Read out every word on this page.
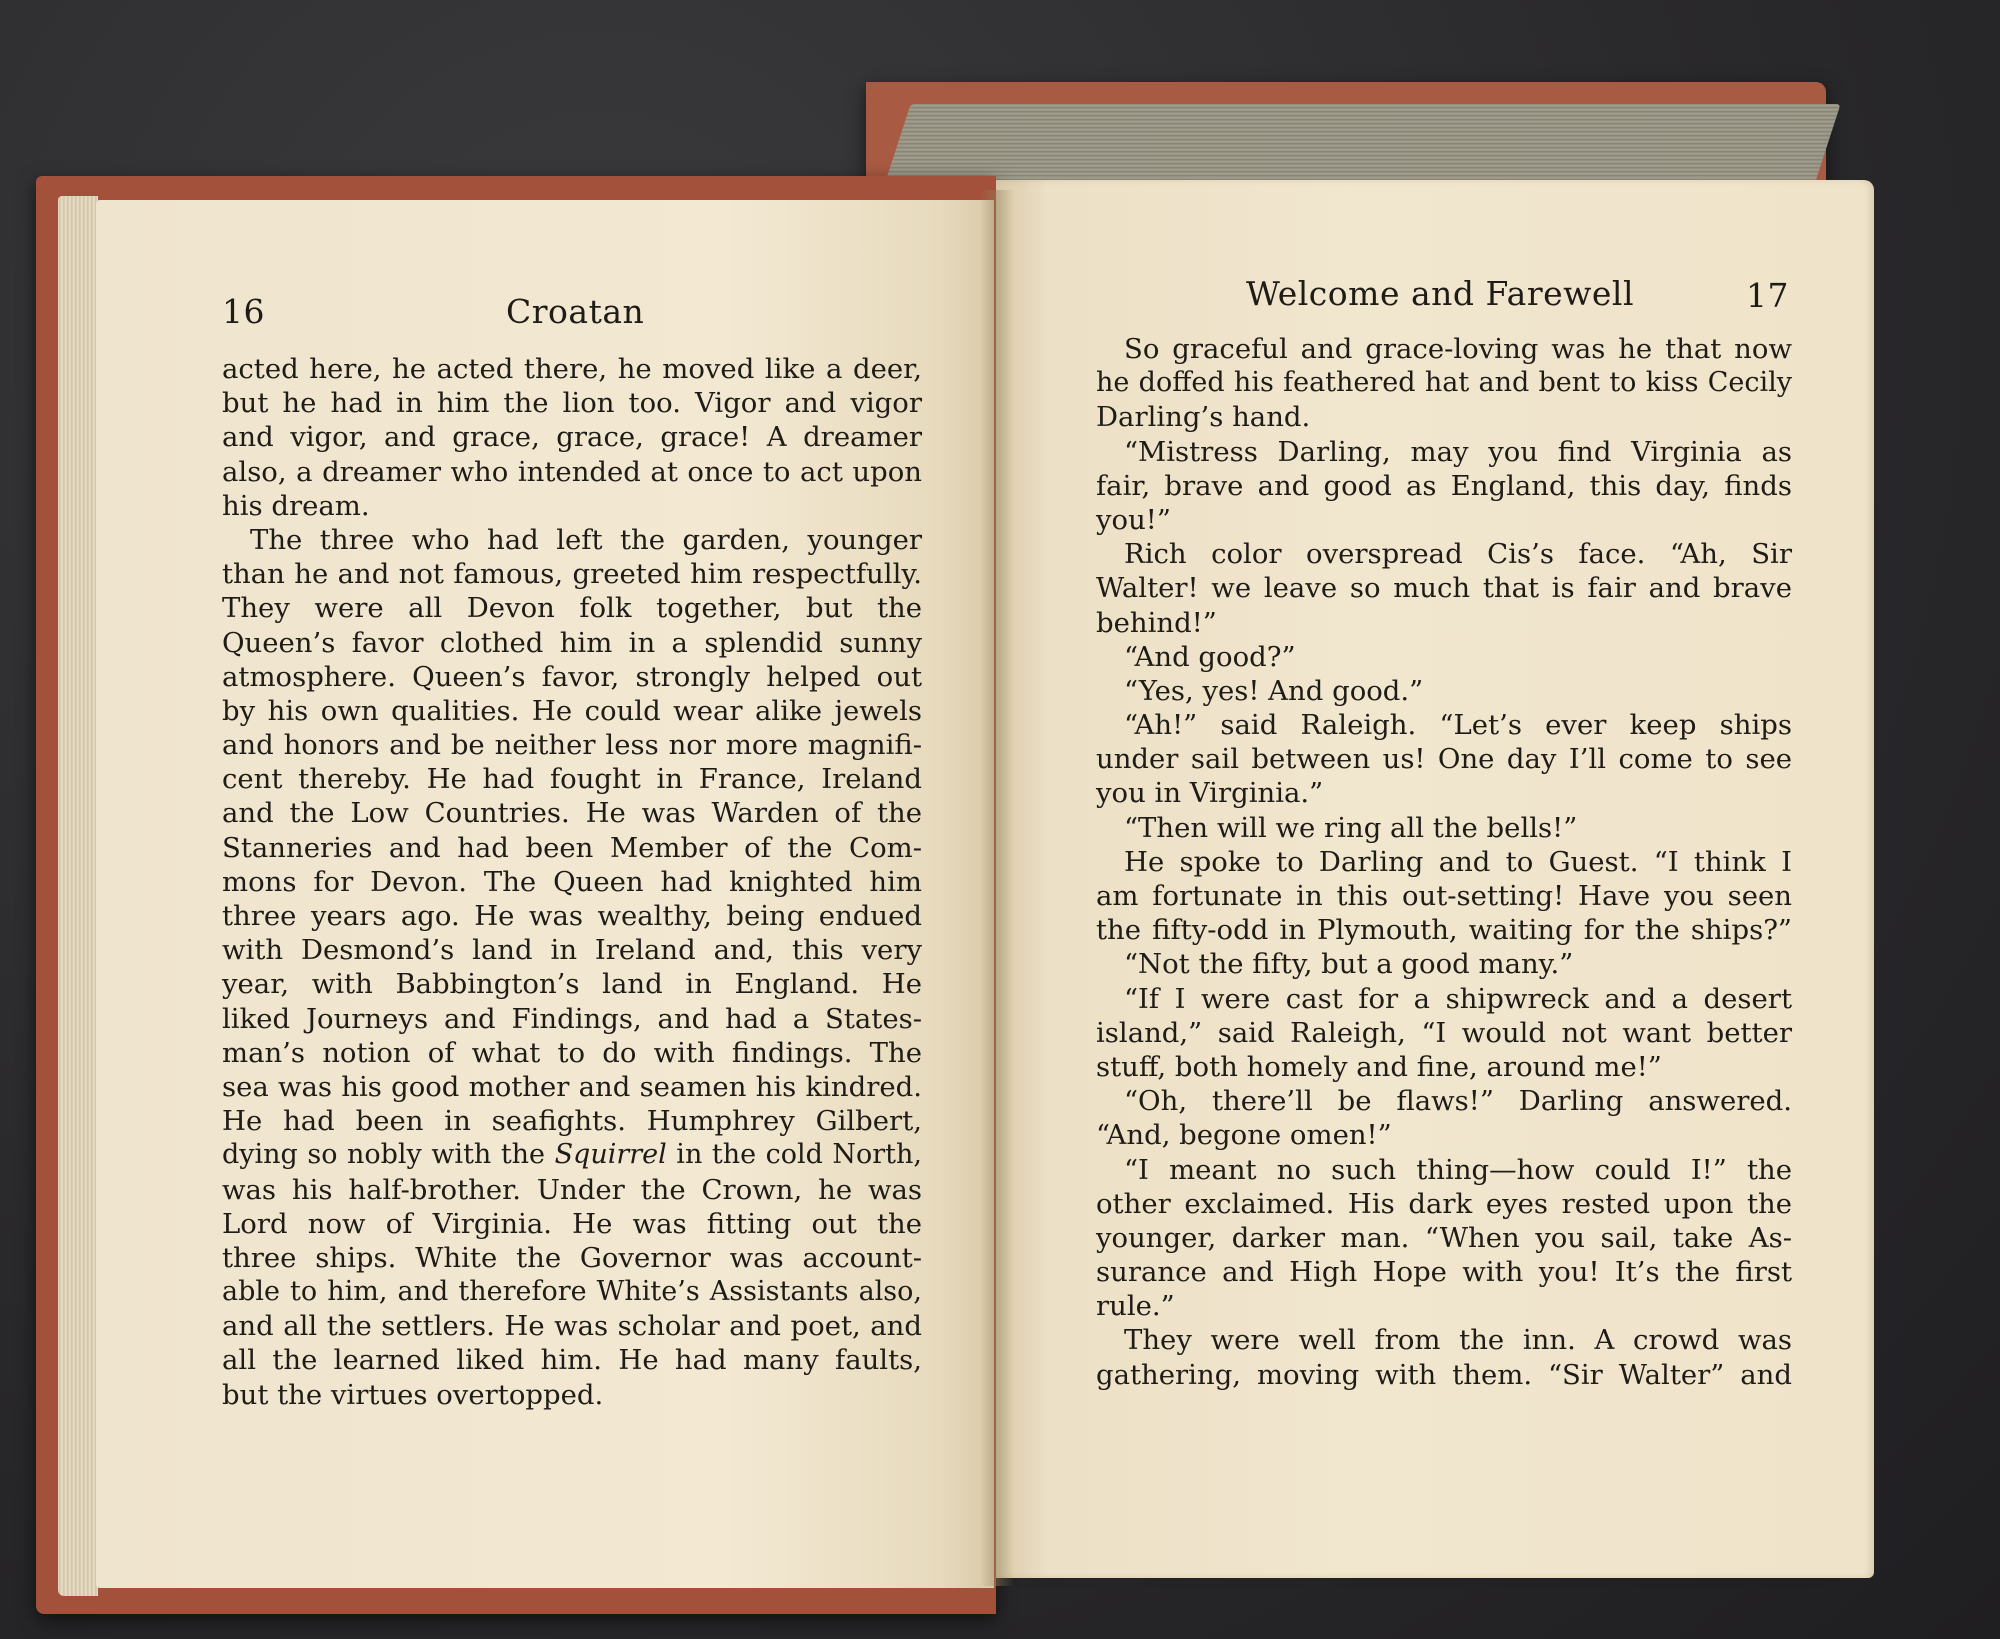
16	Croatan
acted here, he acted there, he moved like a deer,
but he had in him the lion too. Vigor and vigor
and vigor, and grace, grace, grace! A dreamer
also, a dreamer who intended at once to act upon
his dream.
The three who had left the garden, younger
than he and not famous, greeted him respectfully.
They were all Devon folk together, but the
Queen’s favor clothed him in a splendid sunny
atmosphere. Queen’s favor, strongly helped out
by his own qualities. He could wear alike jewels
and honors and be neither less nor more magnifi-
cent thereby. He had fought in France, Ireland
and the Low Countries. He was Warden of the
Stanneries and had been Member of the Com-
mons for Devon. The Queen had knighted him
three years ago. He was wealthy, being endued
with Desmond’s land in Ireland and, this very
year, with Babbington’s land in England. He
liked Journeys and Findings, and had a States-
man’s notion of what to do with findings. The
sea was his good mother and seamen his kindred.
He had been in seafights. Humphrey Gilbert,
dying so nobly with the Squirrel in the cold North,
was his half-brother. Under the Crown, he was
Lord now of Virginia. He was fitting out the
three ships. White the Governor was account-
able to him, and therefore White’s Assistants also,
and all the settlers. He was scholar and poet, and
all the learned liked him. He had many faults,
but the virtues overtopped.
Welcome and Farewell	17
So graceful and grace-loving was he that now
he doffed his feathered hat and bent to kiss Cecily
Darling’s hand.
“Mistress Darling, may you find Virginia as
fair, brave and good as England, this day, finds
you!”
Rich color overspread Cis’s face. “Ah, Sir
Walter! we leave so much that is fair and brave
behind!”
“And good?”
“Yes, yes! And good.”
“Ah!” said Raleigh. “Let’s ever keep ships
under sail between us! One day I’ll come to see
you in Virginia.”
“Then will we ring all the bells!”
He spoke to Darling and to Guest. “I think I
am fortunate in this out-setting! Have you seen
the fifty-odd in Plymouth, waiting for the ships?”
“Not the fifty, but a good many.”
“If I were cast for a shipwreck and a desert
island,” said Raleigh, “I would not want better
stuff, both homely and fine, around me!”
“Oh, there’ll be flaws!” Darling answered.
“And, begone omen!”
“I meant no such thing—how could I!” the
other exclaimed. His dark eyes rested upon the
younger, darker man. “When you sail, take As-
surance and High Hope with you! It’s the first
rule.”
They were well from the inn. A crowd was
gathering, moving with them. “Sir Walter” and
